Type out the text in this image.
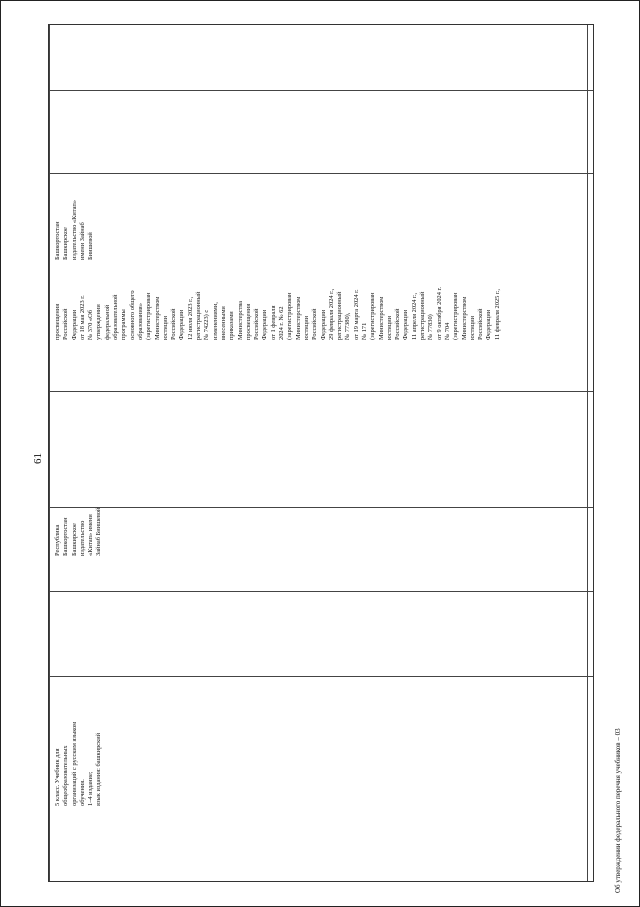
5 класс. Учебник для
общеобразовательных
организаций с русским языком
обучения.
1–4 издание;
язык издания: башкирский
Республика
Башкортостан
Башкирское
издательство
«Китап» имени
Зайнаб Биишевой
просвещения
Российской
Федерации
от 18 мая 2023 г.
№ 370 «Об
утверждении
федеральной
образовательной
программы
основного общего
образования»
(зарегистрирован
Министерством
юстиции
Российской
Федерации
12 июля 2023 г.,
регистрационный
№ 74223) с
изменениями,
внесенными
приказами
Министерства
просвещения
Российской
Федерации
от 1 февраля
2024 г. № 62
(зарегистрирован
Министерством
юстиции
Российской
Федерации
29 февраля 2024 г.,
регистрационный
№ 77380),
от 19 марта 2024 г.
№ 171
(зарегистрирован
Министерством
юстиции
Российской
Федерации
11 апреля 2024 г.,
регистрационный
№ 77830)
от 9 октября 2024 г.
№ 704
(зарегистрирован
Министерством
юстиции
Российской
Федерации
11 февраля 2025 г.,
Башкортостан
Башкирское
издательство «Китап»
имени Зайнаб
Биишевой
61
Об утверждении федерального перечня учебников – 03
